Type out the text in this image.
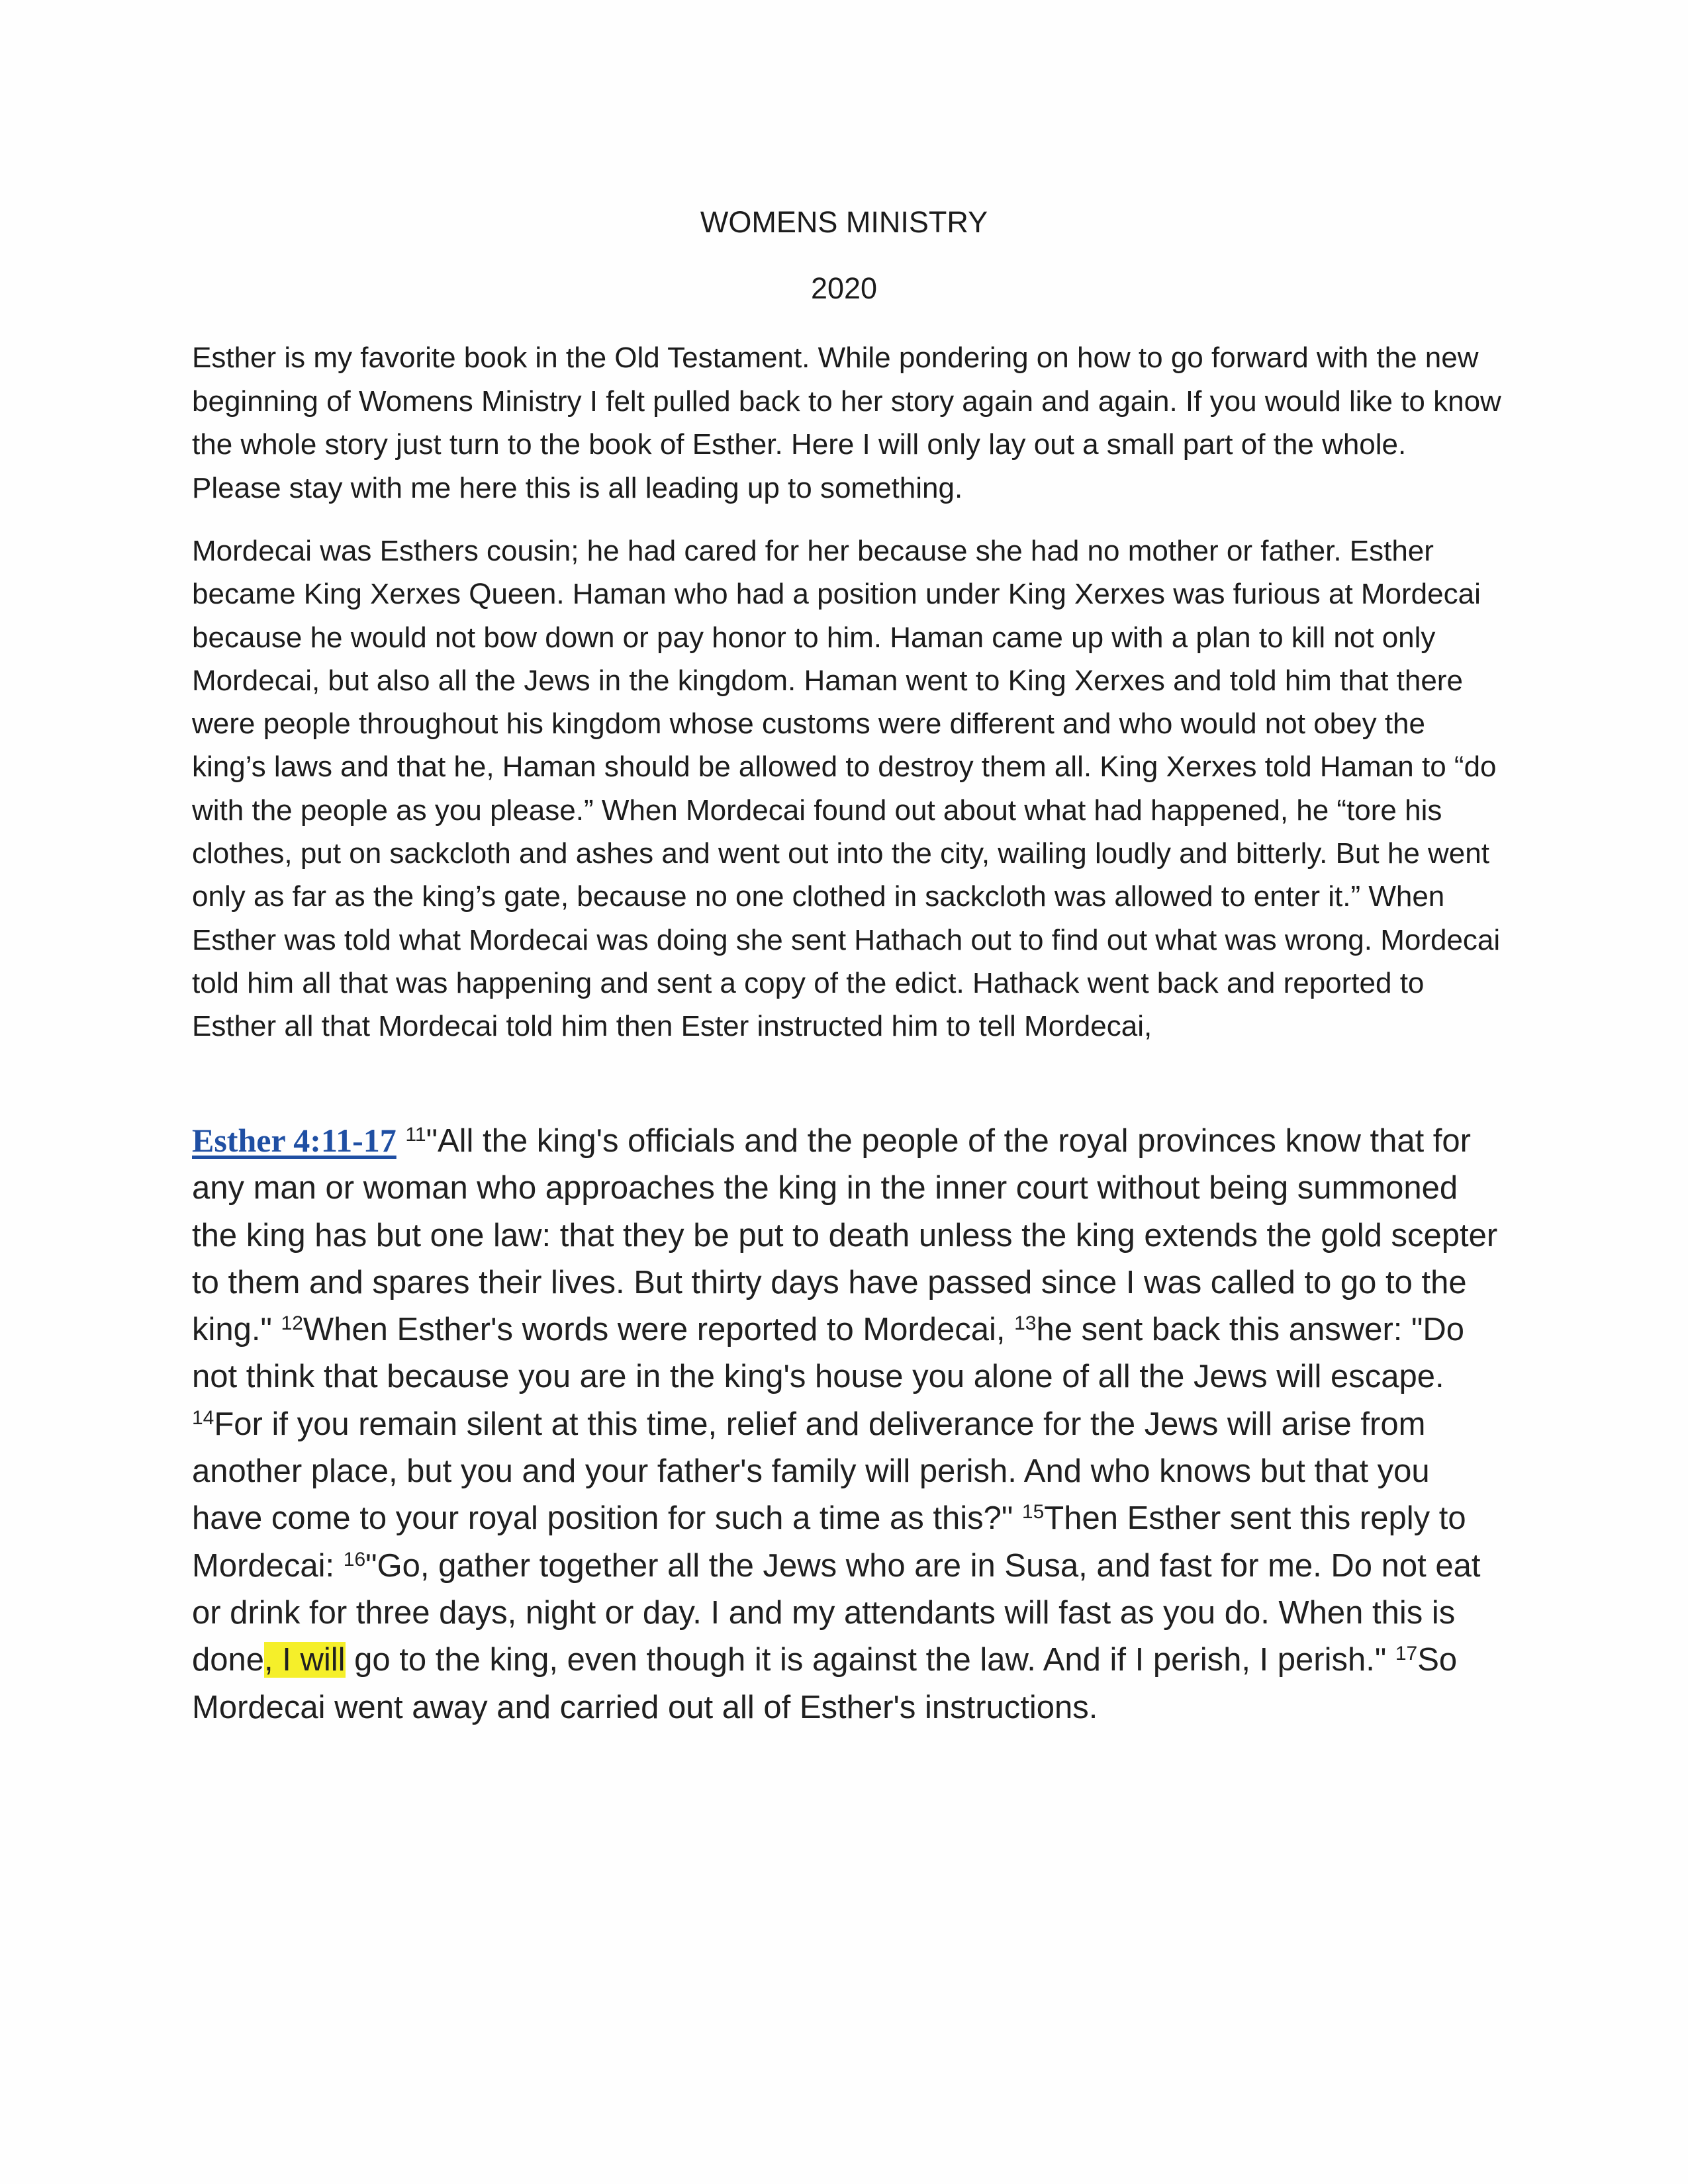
WOMENS MINISTRY
2020

Esther is my favorite book in the Old Testament. While pondering on how to go forward with the new beginning of Womens Ministry I felt pulled back to her story again and again. If you would like to know the whole story just turn to the book of Esther. Here I will only lay out a small part of the whole. Please stay with me here this is all leading up to something.

Mordecai was Esthers cousin; he had cared for her because she had no mother or father. Esther became King Xerxes Queen. Haman who had a position under King Xerxes was furious at Mordecai because he would not bow down or pay honor to him. Haman came up with a plan to kill not only Mordecai, but also all the Jews in the kingdom. Haman went to King Xerxes and told him that there were people throughout his kingdom whose customs were different and who would not obey the king’s laws and that he, Haman should be allowed to destroy them all. King Xerxes told Haman to “do with the people as you please.” When Mordecai found out about what had happened, he “tore his clothes, put on sackcloth and ashes and went out into the city, wailing loudly and bitterly. But he went only as far as the king’s gate, because no one clothed in sackcloth was allowed to enter it.” When Esther was told what Mordecai was doing she sent Hathach out to find out what was wrong. Mordecai told him all that was happening and sent a copy of the edict. Hathack went back and reported to Esther all that Mordecai told him then Ester instructed him to tell Mordecai,

Esther 4:11-17 $^{11}$"All the king's officials and the people of the royal provinces know that for any man or woman who approaches the king in the inner court without being summoned the king has but one law: that they be put to death unless the king extends the gold scepter to them and spares their lives. But thirty days have passed since I was called to go to the king." $^{12}$When Esther's words were reported to Mordecai, $^{13}$he sent back this answer: "Do not think that because you are in the king's house you alone of all the Jews will escape. $^{14}$For if you remain silent at this time, relief and deliverance for the Jews will arise from another place, but you and your father's family will perish. And who knows but that you have come to your royal position for such a time as this?" $^{15}$Then Esther sent this reply to Mordecai: $^{16}$"Go, gather together all the Jews who are in Susa, and fast for me. Do not eat or drink for three days, night or day. I and my attendants will fast as you do. When this is done, I will go to the king, even though it is against the law. And if I perish, I perish." $^{17}$So Mordecai went away and carried out all of Esther's instructions.
